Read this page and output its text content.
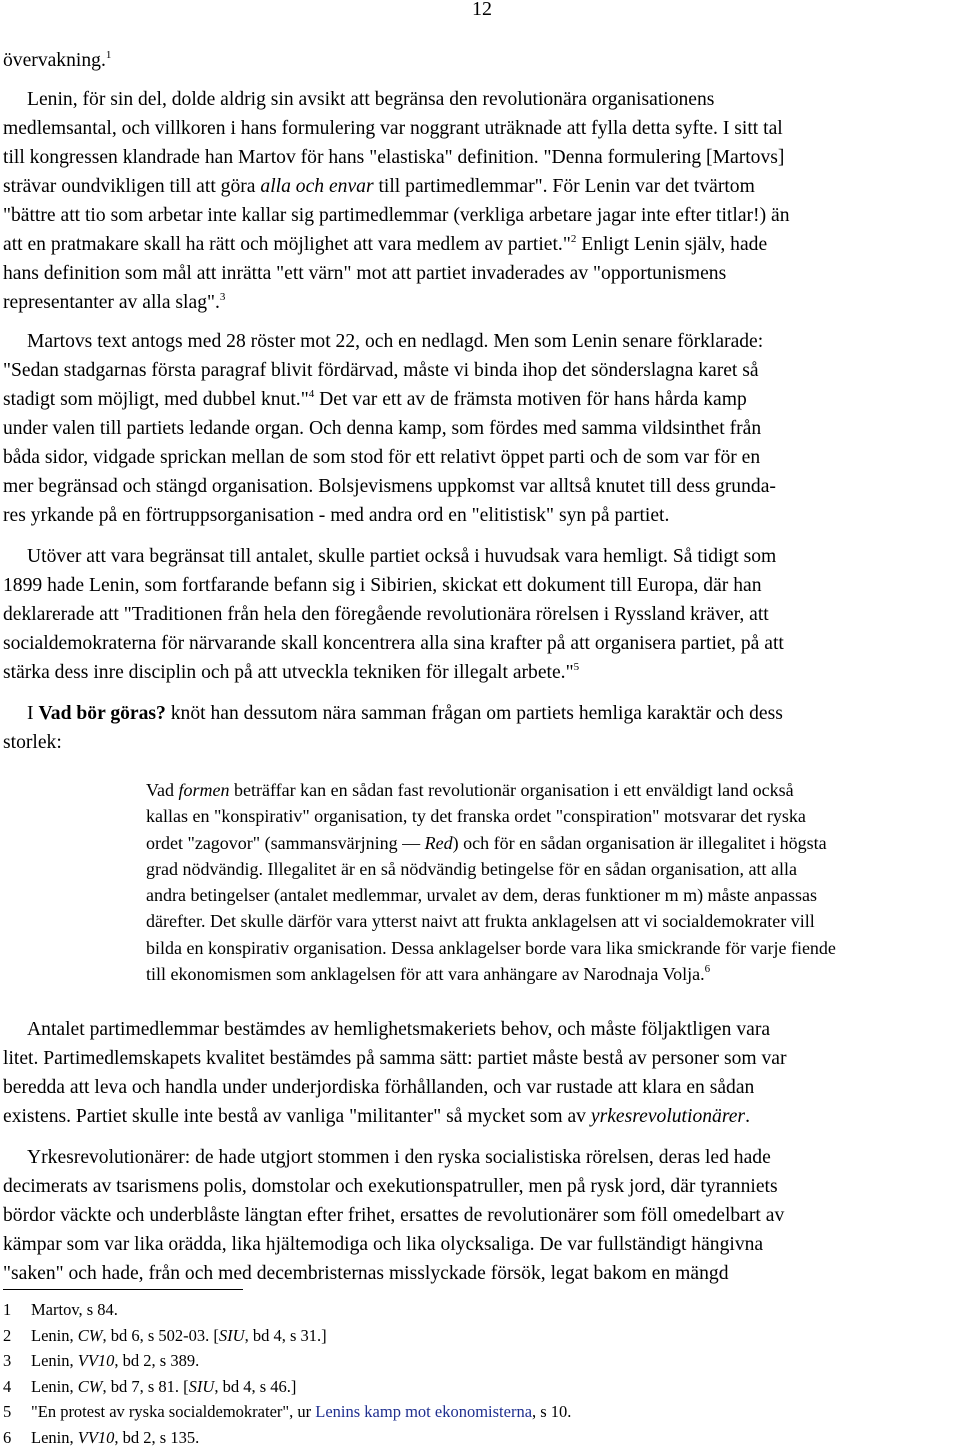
12

övervakning.$^1$

Lenin, för sin del, dolde aldrig sin avsikt att begränsa den revolutionära organisationens

medlemsantal, och villkoren i hans formulering var noggrant uträknade att fylla detta syfte. I sitt tal
till kongressen klandrade han Martov för hans "elastiska" definition. "Denna formulering [Martovs]
strävar oundvikligen till att göra alla och envar till partimedlemmar". För Lenin var det tvärtom
"bättre att tio som arbetar inte kallar sig partimedlemmar (verkliga arbetare jagar inte efter titlar!) än
att en pratmakare skall ha rätt och möjlighet att vara medlem av partiet."$^2$ Enligt Lenin själv, hade
hans definition som mål att inrätta "ett värn" mot att partiet invaderades av "opportunismens
representanter av alla slag".$^3$
Martovs text antogs med 28 röster mot 22, och en nedlagd. Men som Lenin senare förklarade:
"Sedan stadgarnas första paragraf blivit fördärvad, måste vi binda ihop det sönderslagna karet så
stadigt som möjligt, med dubbel knut."$^4$ Det var ett av de främsta motiven för hans hårda kamp
under valen till partiets ledande organ. Och denna kamp, som fördes med samma vildsinthet från
båda sidor, vidgade sprickan mellan de som stod för ett relativt öppet parti och de som var för en
mer begränsad och stängd organisation. Bolsjevismens uppkomst var alltså knutet till dess grunda-
res yrkande på en förtruppsorganisation - med andra ord en "elitistisk" syn på partiet.
Utöver att vara begränsat till antalet, skulle partiet också i huvudsak vara hemligt. Så tidigt som
1899 hade Lenin, som fortfarande befann sig i Sibirien, skickat ett dokument till Europa, där han
deklarerade att "Traditionen från hela den föregående revolutionära rörelsen i Ryssland kräver, att
socialdemokraterna för närvarande skall koncentrera alla sina krafter på att organisera partiet, på att
stärka dess inre disciplin och på att utveckla tekniken för illegalt arbete."$^5$
I Vad bör göras? knöt han dessutom nära samman frågan om partiets hemliga karaktär och dess
storlek:
Vad formen beträffar kan en sådan fast revolutionär organisation i ett enväldigt land också
kallas en "konspirativ" organisation, ty det franska ordet "conspiration" motsvarar det ryska
ordet "zagovor" (sammansvärjning — Red) och för en sådan organisation är illegalitet i högsta
grad nödvändig. Illegalitet är en så nödvändig betingelse för en sådan organisation, att alla
andra betingelser (antalet medlemmar, urvalet av dem, deras funktioner m m) måste anpassas
därefter. Det skulle därför vara ytterst naivt att frukta anklagelsen att vi socialdemokrater vill
bilda en konspirativ organisation. Dessa anklagelser borde vara lika smickrande för varje fiende
till ekonomismen som anklagelsen för att vara anhängare av Narodnaja Volja.$^6$
Antalet partimedlemmar bestämdes av hemlighetsmakeriets behov, och måste följaktligen vara
litet. Partimedlemskapets kvalitet bestämdes på samma sätt: partiet måste bestå av personer som var
beredda att leva och handla under underjordiska förhållanden, och var rustade att klara en sådan
existens. Partiet skulle inte bestå av vanliga "militanter" så mycket som av yrkesrevolutionärer.
Yrkesrevolutionärer: de hade utgjort stommen i den ryska socialistiska rörelsen, deras led hade
decimerats av tsarismens polis, domstolar och exekutionspatruller, men på rysk jord, där tyranniets
bördor väckte och underblåste längtan efter frihet, ersattes de revolutionärer som föll omedelbart av
kämpar som var lika orädda, lika hjältemodiga och lika olycksaliga. De var fullständigt hängivna
"saken" och hade, från och med decembristernas misslyckade försök, legat bakom en mängd
1	Martov, s 84.
2	Lenin, CW, bd 6, s 502-03. [SIU, bd 4, s 31.]
3	Lenin, VV10, bd 2, s 389.
4	Lenin, CW, bd 7, s 81. [SIU, bd 4, s 46.]
5	"En protest av ryska socialdemokrater", ur Lenins kamp mot ekonomisterna, s 10.
6	Lenin, VV10, bd 2, s 135.
